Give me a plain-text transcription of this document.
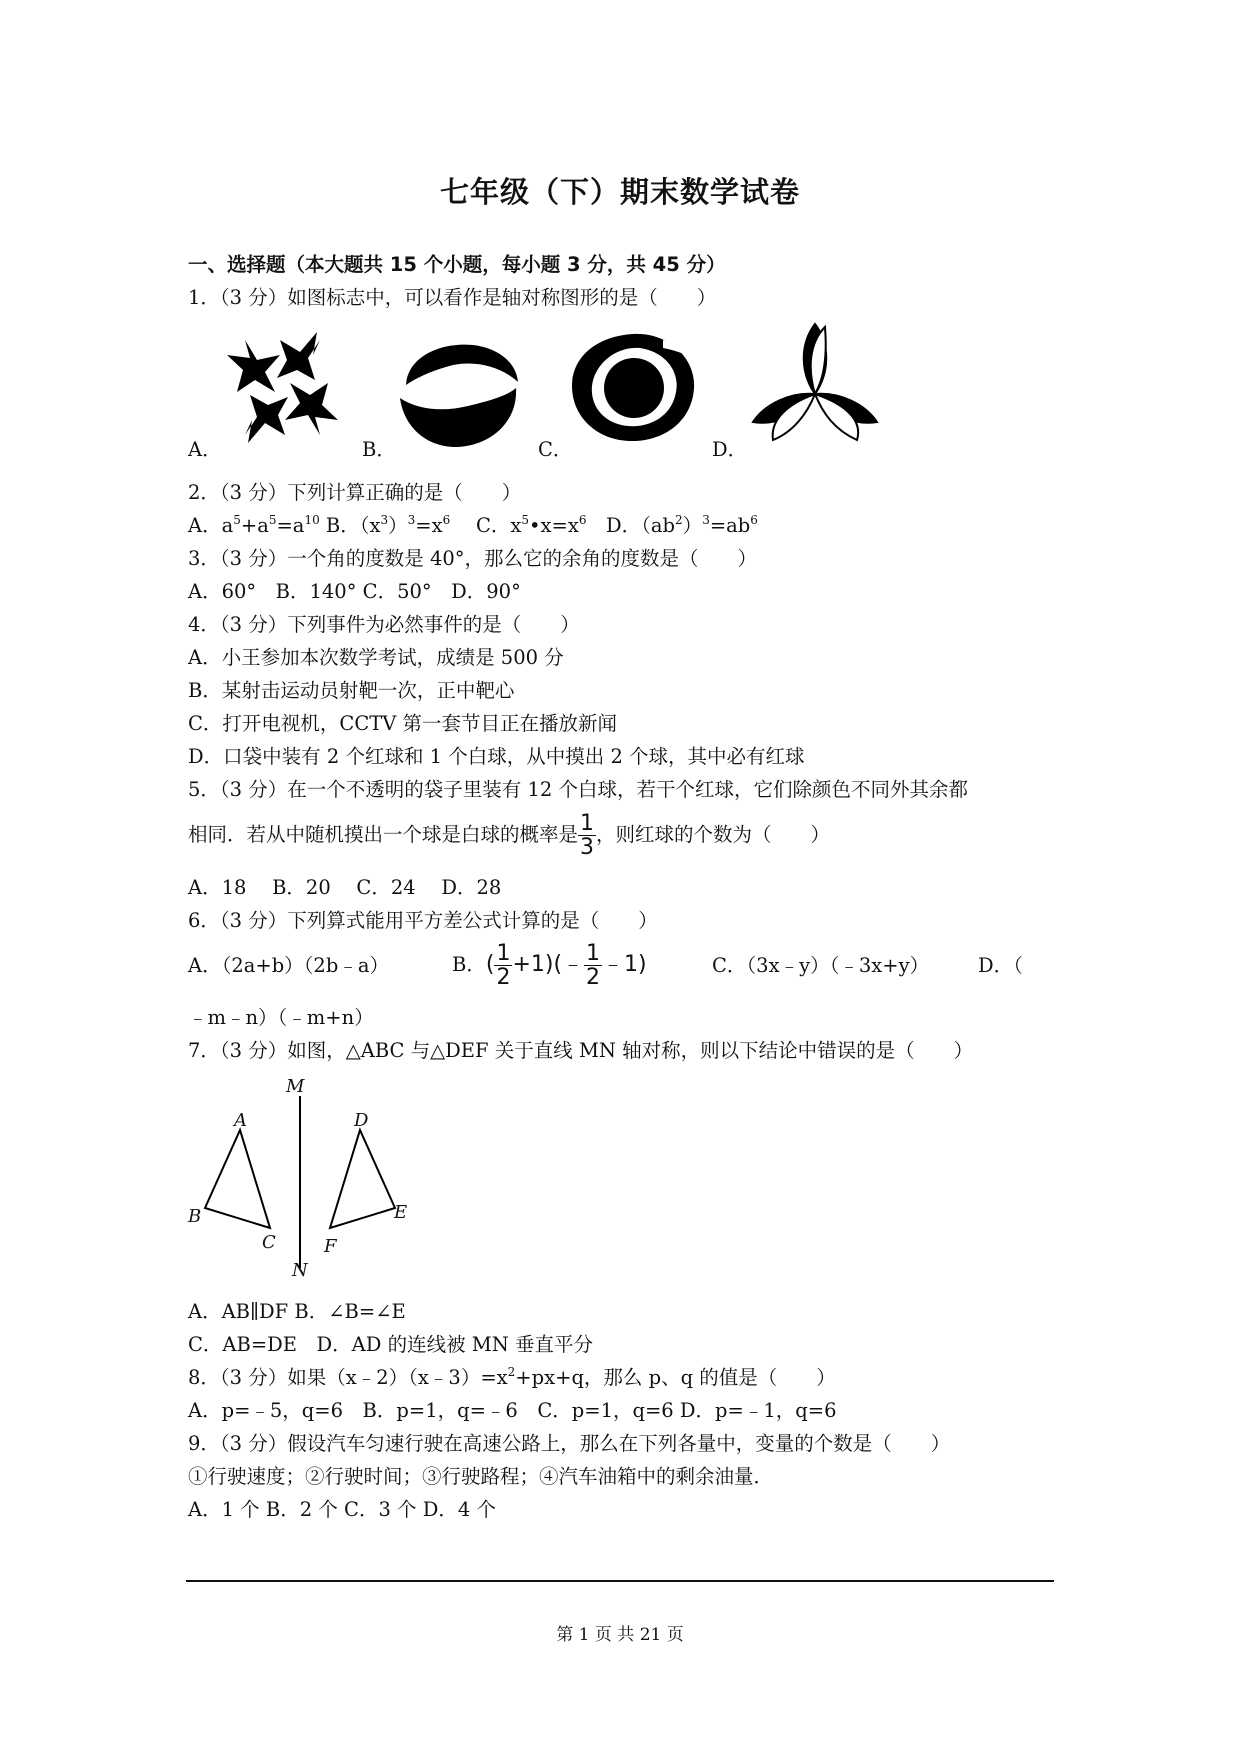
七年级（下）期末数学试卷
一、选择题（本大题共 15 个小题，每小题 3 分，共 45 分）
1．（3 分）如图标志中，可以看作是轴对称图形的是（　　）
A．	B．	C．	D．
2．（3 分）下列计算正确的是（　　）
A．$a^5+a^5=a^{10}$ B．$(x^3)^3=x^6$　 C．$x^5•x=x^6$　D．$(ab^2)^3=ab^6$
3．（3 分）一个角的度数是 40°，那么它的余角的度数是（　　）
A．60°　B．140° C．50°　D．90°
4．（3 分）下列事件为必然事件的是（　　）
A．小王参加本次数学考试，成绩是 500 分
B．某射击运动员射靶一次，正中靶心
C．打开电视机，CCTV 第一套节目正在播放新闻
D．口袋中装有 2 个红球和 1 个白球，从中摸出 2 个球，其中必有红球
5．（3 分）在一个不透明的袋子里装有 12 个白球，若干个红球，它们除颜色不同外其余都
相同．若从中随机摸出一个球是白球的概率是 $\frac{1}{3}$ ，则红球的个数为（　　）
A．18　 B．20　 C．24　 D．28
6．（3 分）下列算式能用平方差公式计算的是（　　）
A．（2a+b）（2b﹣a）	B．( $\frac{1}{2}$ +1)(﹣ $\frac{1}{2}$ ﹣1)	C．（3x﹣y）（﹣3x+y）	D．（
﹣m﹣n）（﹣m+n）
7．（3 分）如图，△ABC 与△DEF 关于直线 MN 轴对称，则以下结论中错误的是（　　）
M
N
A
B
C
D
E
F
A．AB∥DF B．∠B=∠E
C．AB=DE　D．AD 的连线被 MN 垂直平分
8．（3 分）如果$(x﹣2)(x﹣3)=x^2+px+q$，那么 p、q 的值是（　　）
A．p=﹣5，q=6　B．p=1，q=﹣6　C．p=1，q=6 D．p=﹣1，q=6
9．（3 分）假设汽车匀速行驶在高速公路上，那么在下列各量中，变量的个数是（　　）
①行驶速度；②行驶时间；③行驶路程；④汽车油箱中的剩余油量．
A．1 个 B．2 个 C．3 个 D．4 个
第 1 页 共 21 页
